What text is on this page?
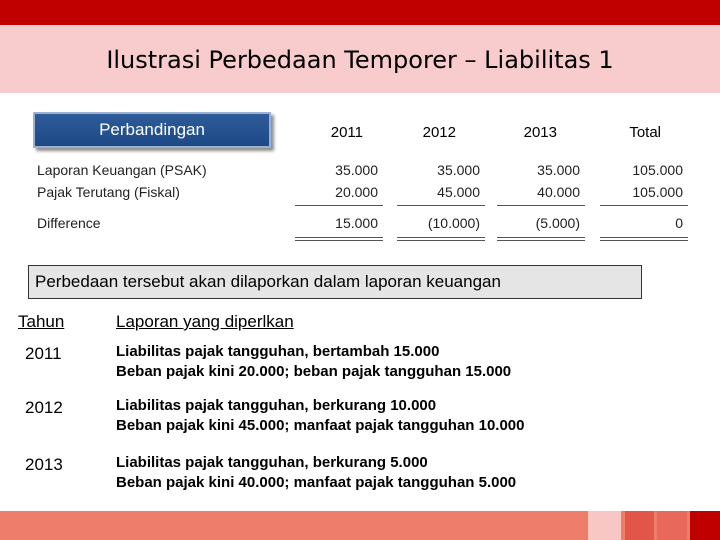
Ilustrasi Perbedaan Temporer – Liabilitas 1
Perbandingan	2011	2012	2013	Total
Laporan Keuangan (PSAK)	35.000	35.000	35.000	105.000
Pajak Terutang (Fiskal)	20.000	45.000	40.000	105.000
Difference	15.000	(10.000)	(5.000)	0
Perbedaan tersebut akan dilaporkan dalam laporan keuangan
Tahun	Laporan yang diperlkan
2011	Liabilitas pajak tangguhan, bertambah 15.000
Beban pajak kini 20.000; beban pajak tangguhan 15.000
2012	Liabilitas pajak tangguhan, berkurang 10.000
Beban pajak kini 45.000; manfaat pajak tangguhan 10.000
2013	Liabilitas pajak tangguhan, berkurang 5.000
Beban pajak kini 40.000; manfaat pajak tangguhan 5.000
